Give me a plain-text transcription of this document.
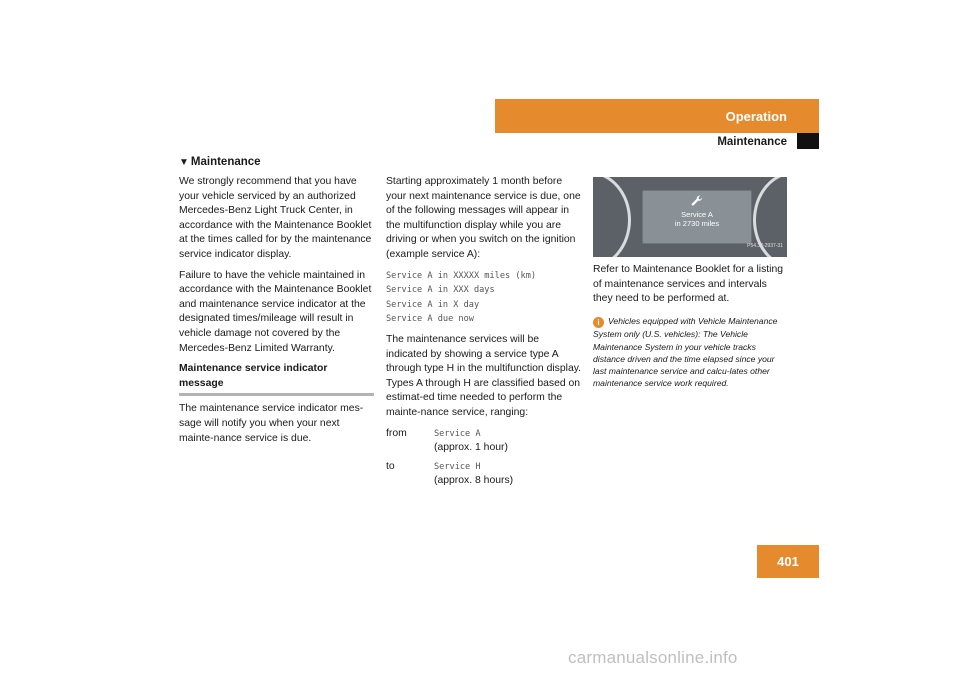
Operation
Maintenance
▼ Maintenance

We strongly recommend that you have your vehicle serviced by an authorized Mercedes-Benz Light Truck Center, in accordance with the Maintenance Booklet at the times called for by the maintenance service indicator display.

Failure to have the vehicle maintained in accordance with the Maintenance Booklet and maintenance service indicator at the designated times/mileage will result in vehicle damage not covered by the Mercedes-Benz Limited Warranty.

Maintenance service indicator message

The maintenance service indicator mes-sage will notify you when your next mainte-nance service is due.

Starting approximately 1 month before your next maintenance service is due, one of the following messages will appear in the multifunction display while you are driving or when you switch on the ignition (example service A):

Service A in XXXXX miles (km)
Service A in XXX days
Service A in X day
Service A due now

The maintenance services will be indicated by showing a service type A through type H in the multifunction display. Types A through H are classified based on estimat-ed time needed to perform the mainte-nance service, ranging:

from	Service A
(approx. 1 hour)
to	Service H
(approx. 8 hours)
Service A
in 2730 miles
P54.32-2937-31

Refer to Maintenance Booklet for a listing of maintenance services and intervals they need to be performed at.

i Vehicles equipped with Vehicle Maintenance System only (U.S. vehicles): The Vehicle Maintenance System in your vehicle tracks distance driven and the time elapsed since your last maintenance service and calcu-lates other maintenance service work required.
401
carmanualsonline.info
